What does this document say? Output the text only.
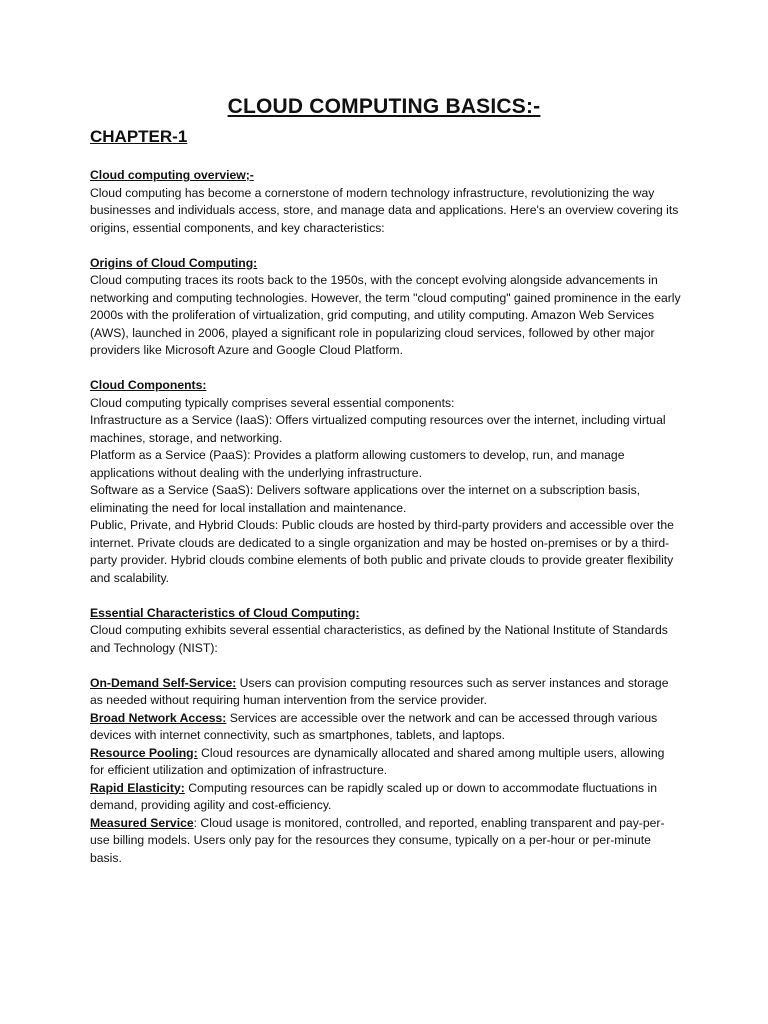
CLOUD COMPUTING BASICS:-
CHAPTER-1

Cloud computing overview;-

Cloud computing has become a cornerstone of modern technology infrastructure, revolutionizing the way businesses and individuals access, store, and manage data and applications. Here's an overview covering its origins, essential components, and key characteristics:

Origins of Cloud Computing:

Cloud computing traces its roots back to the 1950s, with the concept evolving alongside advancements in networking and computing technologies. However, the term "cloud computing" gained prominence in the early 2000s with the proliferation of virtualization, grid computing, and utility computing. Amazon Web Services (AWS), launched in 2006, played a significant role in popularizing cloud services, followed by other major providers like Microsoft Azure and Google Cloud Platform.

Cloud Components:

Cloud computing typically comprises several essential components:

Infrastructure as a Service (IaaS): Offers virtualized computing resources over the internet, including virtual machines, storage, and networking.

Platform as a Service (PaaS): Provides a platform allowing customers to develop, run, and manage applications without dealing with the underlying infrastructure.

Software as a Service (SaaS): Delivers software applications over the internet on a subscription basis, eliminating the need for local installation and maintenance.

Public, Private, and Hybrid Clouds: Public clouds are hosted by third-party providers and accessible over the internet. Private clouds are dedicated to a single organization and may be hosted on-premises or by a third-party provider. Hybrid clouds combine elements of both public and private clouds to provide greater flexibility and scalability.

Essential Characteristics of Cloud Computing:

Cloud computing exhibits several essential characteristics, as defined by the National Institute of Standards and Technology (NIST):

On-Demand Self-Service: Users can provision computing resources such as server instances and storage as needed without requiring human intervention from the service provider.

Broad Network Access: Services are accessible over the network and can be accessed through various devices with internet connectivity, such as smartphones, tablets, and laptops.

Resource Pooling: Cloud resources are dynamically allocated and shared among multiple users, allowing for efficient utilization and optimization of infrastructure.

Rapid Elasticity: Computing resources can be rapidly scaled up or down to accommodate fluctuations in demand, providing agility and cost-efficiency.

Measured Service: Cloud usage is monitored, controlled, and reported, enabling transparent and pay-per-use billing models. Users only pay for the resources they consume, typically on a per-hour or per-minute basis.
